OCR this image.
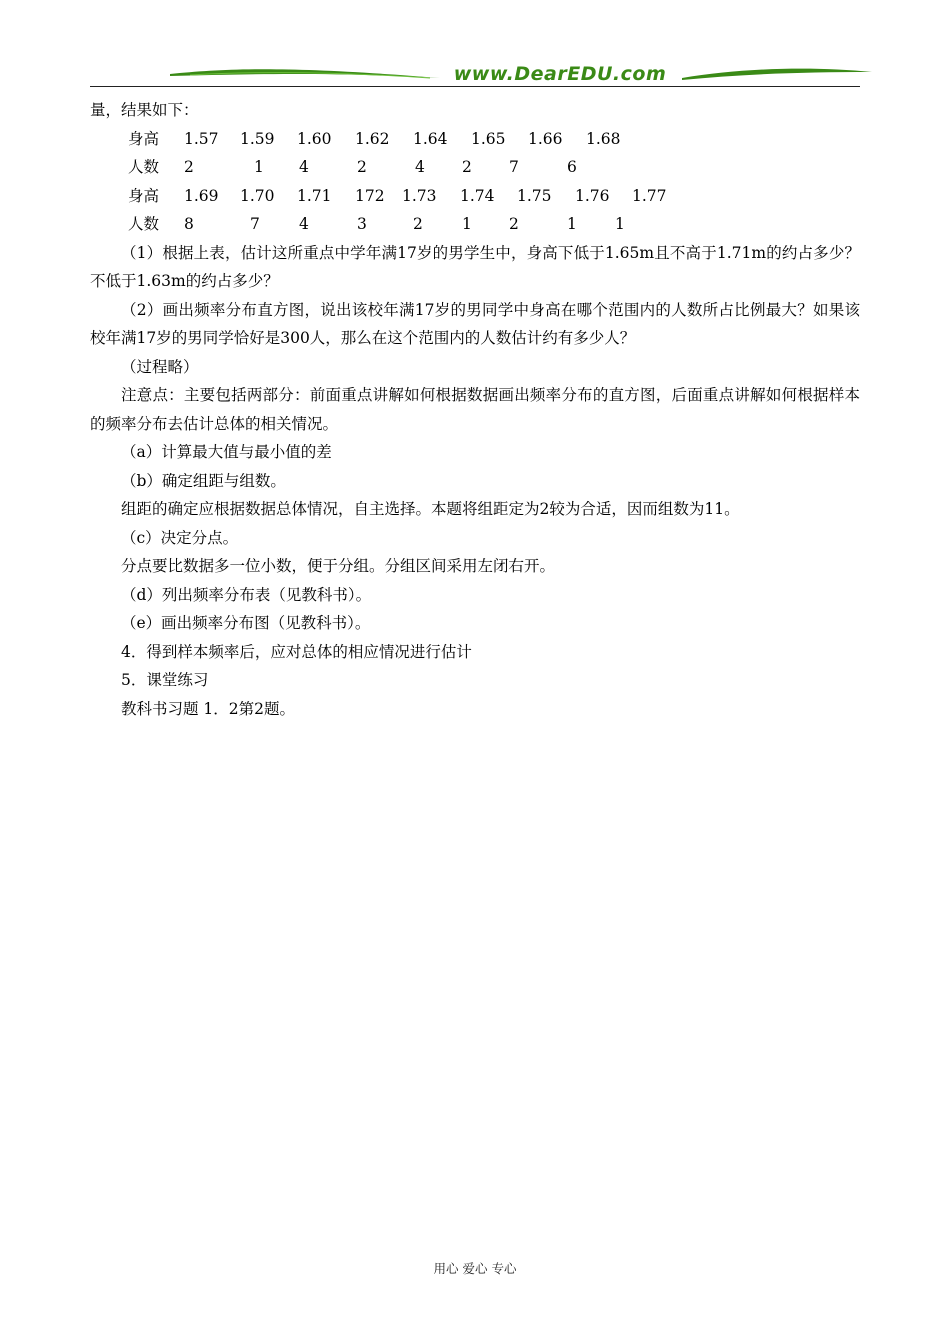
www.DearEDU.com

量，结果如下：

身高 1.57 1.59 1.60 1.62 1.64 1.65 1.66 1.68
人数 2	1 4	2	4 2 7	6
身高 1.69 1.70 1.71 172 1.73 1.74 1.75 1.76 1.77
人数 8	7	4	3	2	1 2	1 1

（1）根据上表，估计这所重点中学年满17岁的男学生中，身高下低于1.65m且不高于1.71m的约占多少？不低于1.63m的约占多少？

（2）画出频率分布直方图，说出该校年满17岁的男同学中身高在哪个范围内的人数所占比例最大？如果该校年满17岁的男同学恰好是300人，那么在这个范围内的人数估计约有多少人？

（过程略）

注意点：主要包括两部分：前面重点讲解如何根据数据画出频率分布的直方图，后面重点讲解如何根据样本的频率分布去估计总体的相关情况。

（a）计算最大值与最小值的差

（b）确定组距与组数。

组距的确定应根据数据总体情况，自主选择。本题将组距定为2较为合适，因而组数为11。

（c）决定分点。

分点要比数据多一位小数，便于分组。分组区间采用左闭右开。

（d）列出频率分布表（见教科书）。

（e）画出频率分布图（见教科书）。

4．得到样本频率后，应对总体的相应情况进行估计

5．课堂练习

教科书习题 1．2第2题。

用心 爱心 专心
